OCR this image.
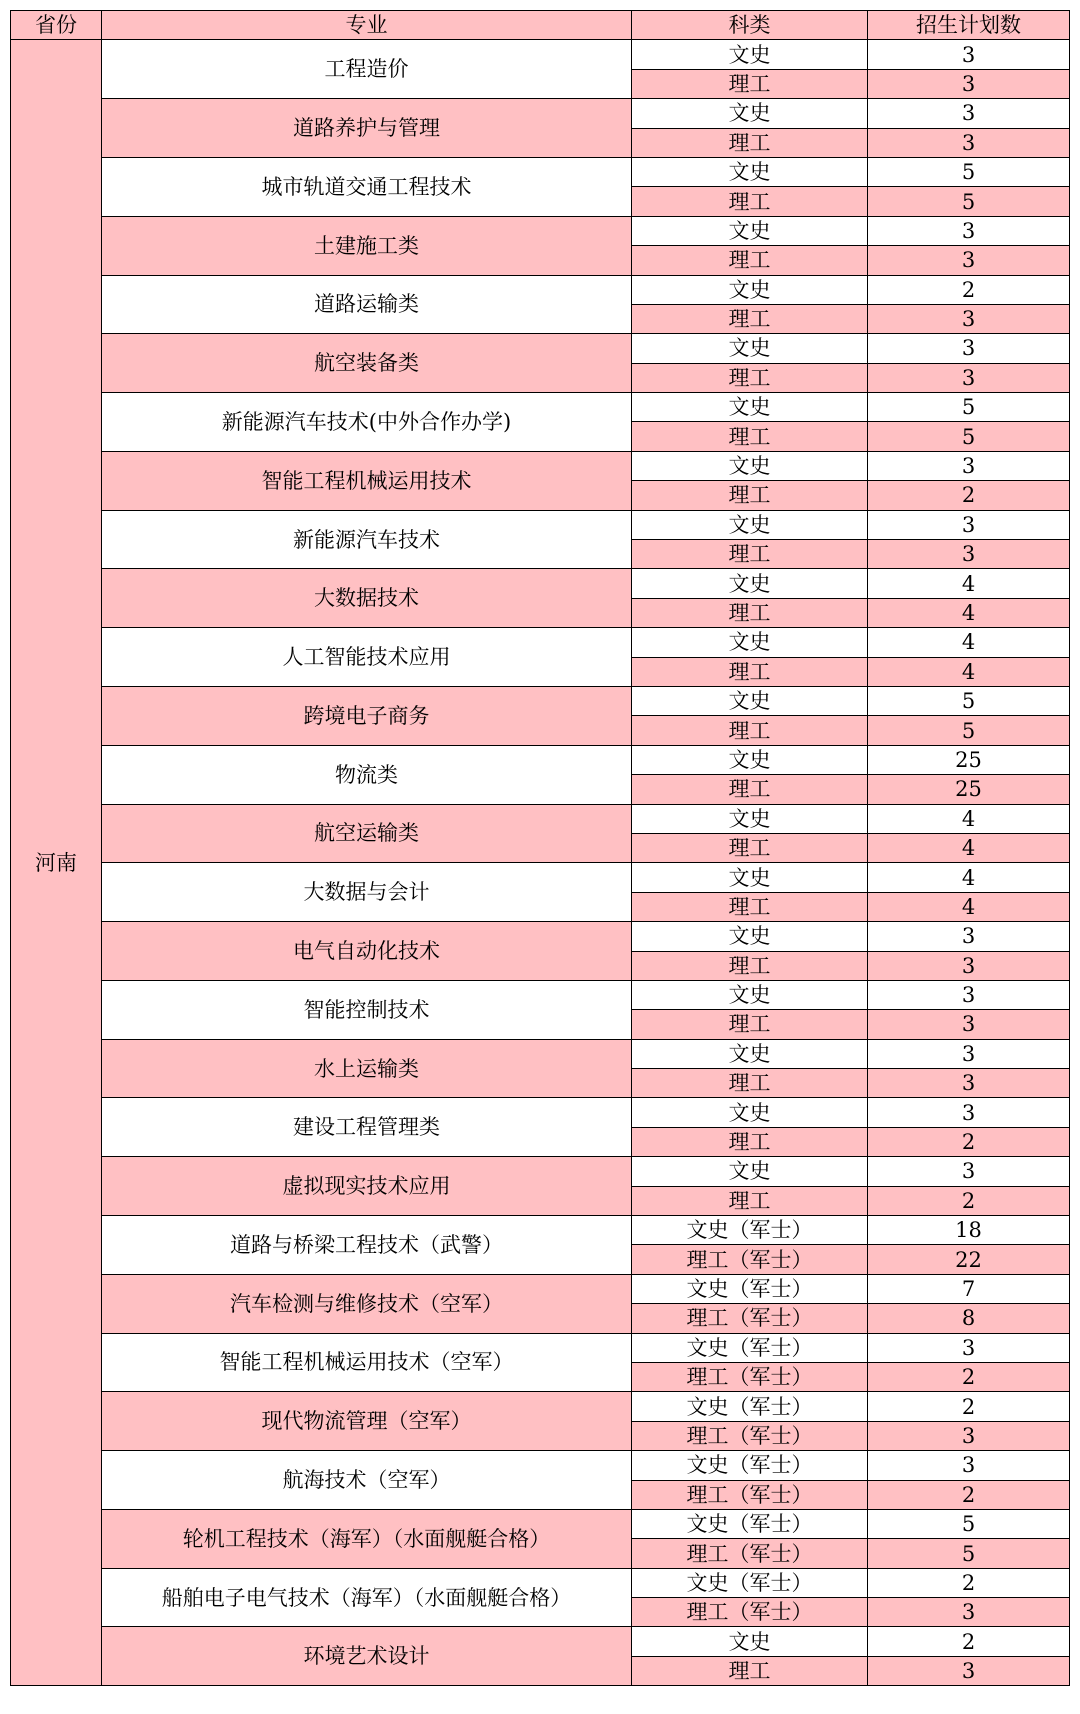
省份	专业	科类	招生计划数
河南	工程造价	文史	3
		理工	3
	道路养护与管理	文史	3
		理工	3
	城市轨道交通工程技术	文史	5
		理工	5
	土建施工类	文史	3
		理工	3
	道路运输类	文史	2
		理工	3
	航空装备类	文史	3
		理工	3
	新能源汽车技术(中外合作办学)	文史	5
		理工	5
	智能工程机械运用技术	文史	3
		理工	2
	新能源汽车技术	文史	3
		理工	3
	大数据技术	文史	4
		理工	4
	人工智能技术应用	文史	4
		理工	4
	跨境电子商务	文史	5
		理工	5
	物流类	文史	25
		理工	25
	航空运输类	文史	4
		理工	4
	大数据与会计	文史	4
		理工	4
	电气自动化技术	文史	3
		理工	3
	智能控制技术	文史	3
		理工	3
	水上运输类	文史	3
		理工	3
	建设工程管理类	文史	3
		理工	2
	虚拟现实技术应用	文史	3
		理工	2
	道路与桥梁工程技术（武警）	文史（军士）	18
		理工（军士）	22
	汽车检测与维修技术（空军）	文史（军士）	7
		理工（军士）	8
	智能工程机械运用技术（空军）	文史（军士）	3
		理工（军士）	2
	现代物流管理（空军）	文史（军士）	2
		理工（军士）	3
	航海技术（空军）	文史（军士）	3
		理工（军士）	2
	轮机工程技术（海军）（水面舰艇合格）	文史（军士）	5
		理工（军士）	5
	船舶电子电气技术（海军）（水面舰艇合格）	文史（军士）	2
		理工（军士）	3
	环境艺术设计	文史	2
		理工	3
